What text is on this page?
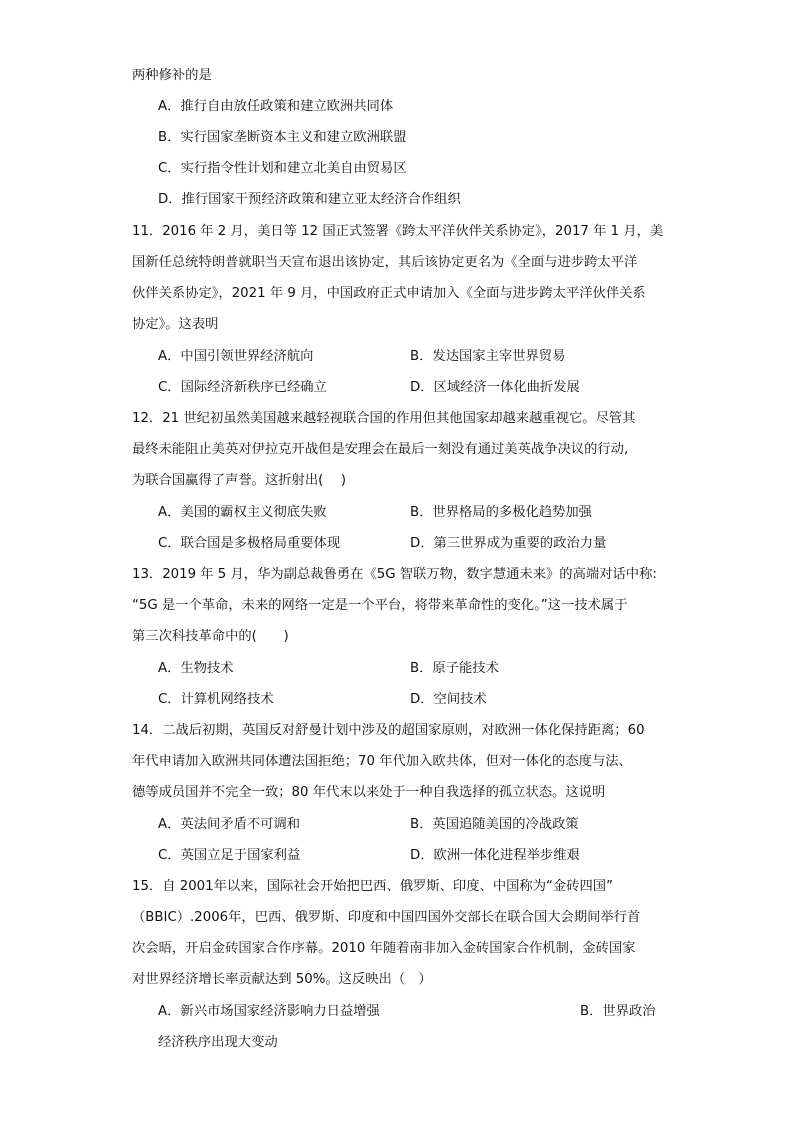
两种修补的是
A．推行自由放任政策和建立欧洲共同体
B．实行国家垄断资本主义和建立欧洲联盟
C．实行指令性计划和建立北美自由贸易区
D．推行国家干预经济政策和建立亚太经济合作组织
11．2016 年 2 月，美日等 12 国正式签署《跨太平洋伙伴关系协定》，2017 年 1 月，美
国新任总统特朗普就职当天宣布退出该协定，其后该协定更名为《全面与进步跨太平洋
伙伴关系协定》，2021 年 9 月，中国政府正式申请加入《全面与进步跨太平洋伙伴关系
协定》。这表明
A．中国引领世界经济航向	B．发达国家主宰世界贸易
C．国际经济新秩序已经确立	D．区域经济一体化曲折发展
12．21 世纪初虽然美国越来越轻视联合国的作用但其他国家却越来越重视它。尽管其
最终未能阻止美英对伊拉克开战但是安理会在最后一刻没有通过美英战争决议的行动,
为联合国赢得了声誉。这折射出(　 )
A．美国的霸权主义彻底失败	B．世界格局的多极化趋势加强
C．联合国是多极格局重要体现	D．第三世界成为重要的政治力量
13．2019 年 5 月，华为副总裁鲁勇在《5G 智联万物，数字慧通未来》的高端对话中称:
“5G 是一个革命，未来的网络一定是一个平台，将带来革命性的变化。”这一技术属于
第三次科技革命中的(　　)
A．生物技术	B．原子能技术
C．计算机网络技术	D．空间技术
14．二战后初期，英国反对舒曼计划中涉及的超国家原则，对欧洲一体化保持距离；60
年代申请加入欧洲共同体遭法国拒绝；70 年代加入欧共体，但对一体化的态度与法、
德等成员国并不完全一致；80 年代末以来处于一种自我选择的孤立状态。这说明
A．英法间矛盾不可调和	B．英国追随美国的冷战政策
C．英国立足于国家利益	D．欧洲一体化进程举步维艰
15．自 2001年以来，国际社会开始把巴西、俄罗斯、印度、中国称为“金砖四国”
（BBIC）.2006年，巴西、俄罗斯、印度和中国四国外交部长在联合国大会期间举行首
次会晤，开启金砖国家合作序幕。2010 年随着南非加入金砖国家合作机制，金砖国家
对世界经济增长率贡献达到 50%。这反映出（　）
A．新兴市场国家经济影响力日益增强	B．世界政治
经济秩序出现大变动
